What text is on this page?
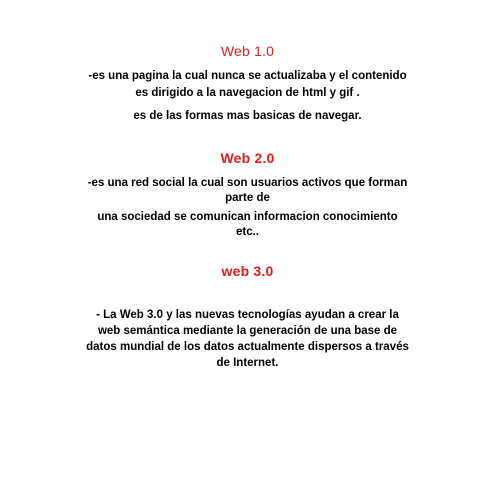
Web 1.0
-es una pagina la cual nunca se actualizaba y el contenido
es dirigido a la navegacion de html y gif .
es de las formas mas basicas de navegar.
Web 2.0
-es una red social la cual son usuarios activos que forman
parte de
una sociedad se comunican informacion conocimiento
etc..
web 3.0
- La Web 3.0 y las nuevas tecnologías ayudan a crear la
web semántica mediante la generación de una base de
datos mundial de los datos actualmente dispersos a través
de Internet.
